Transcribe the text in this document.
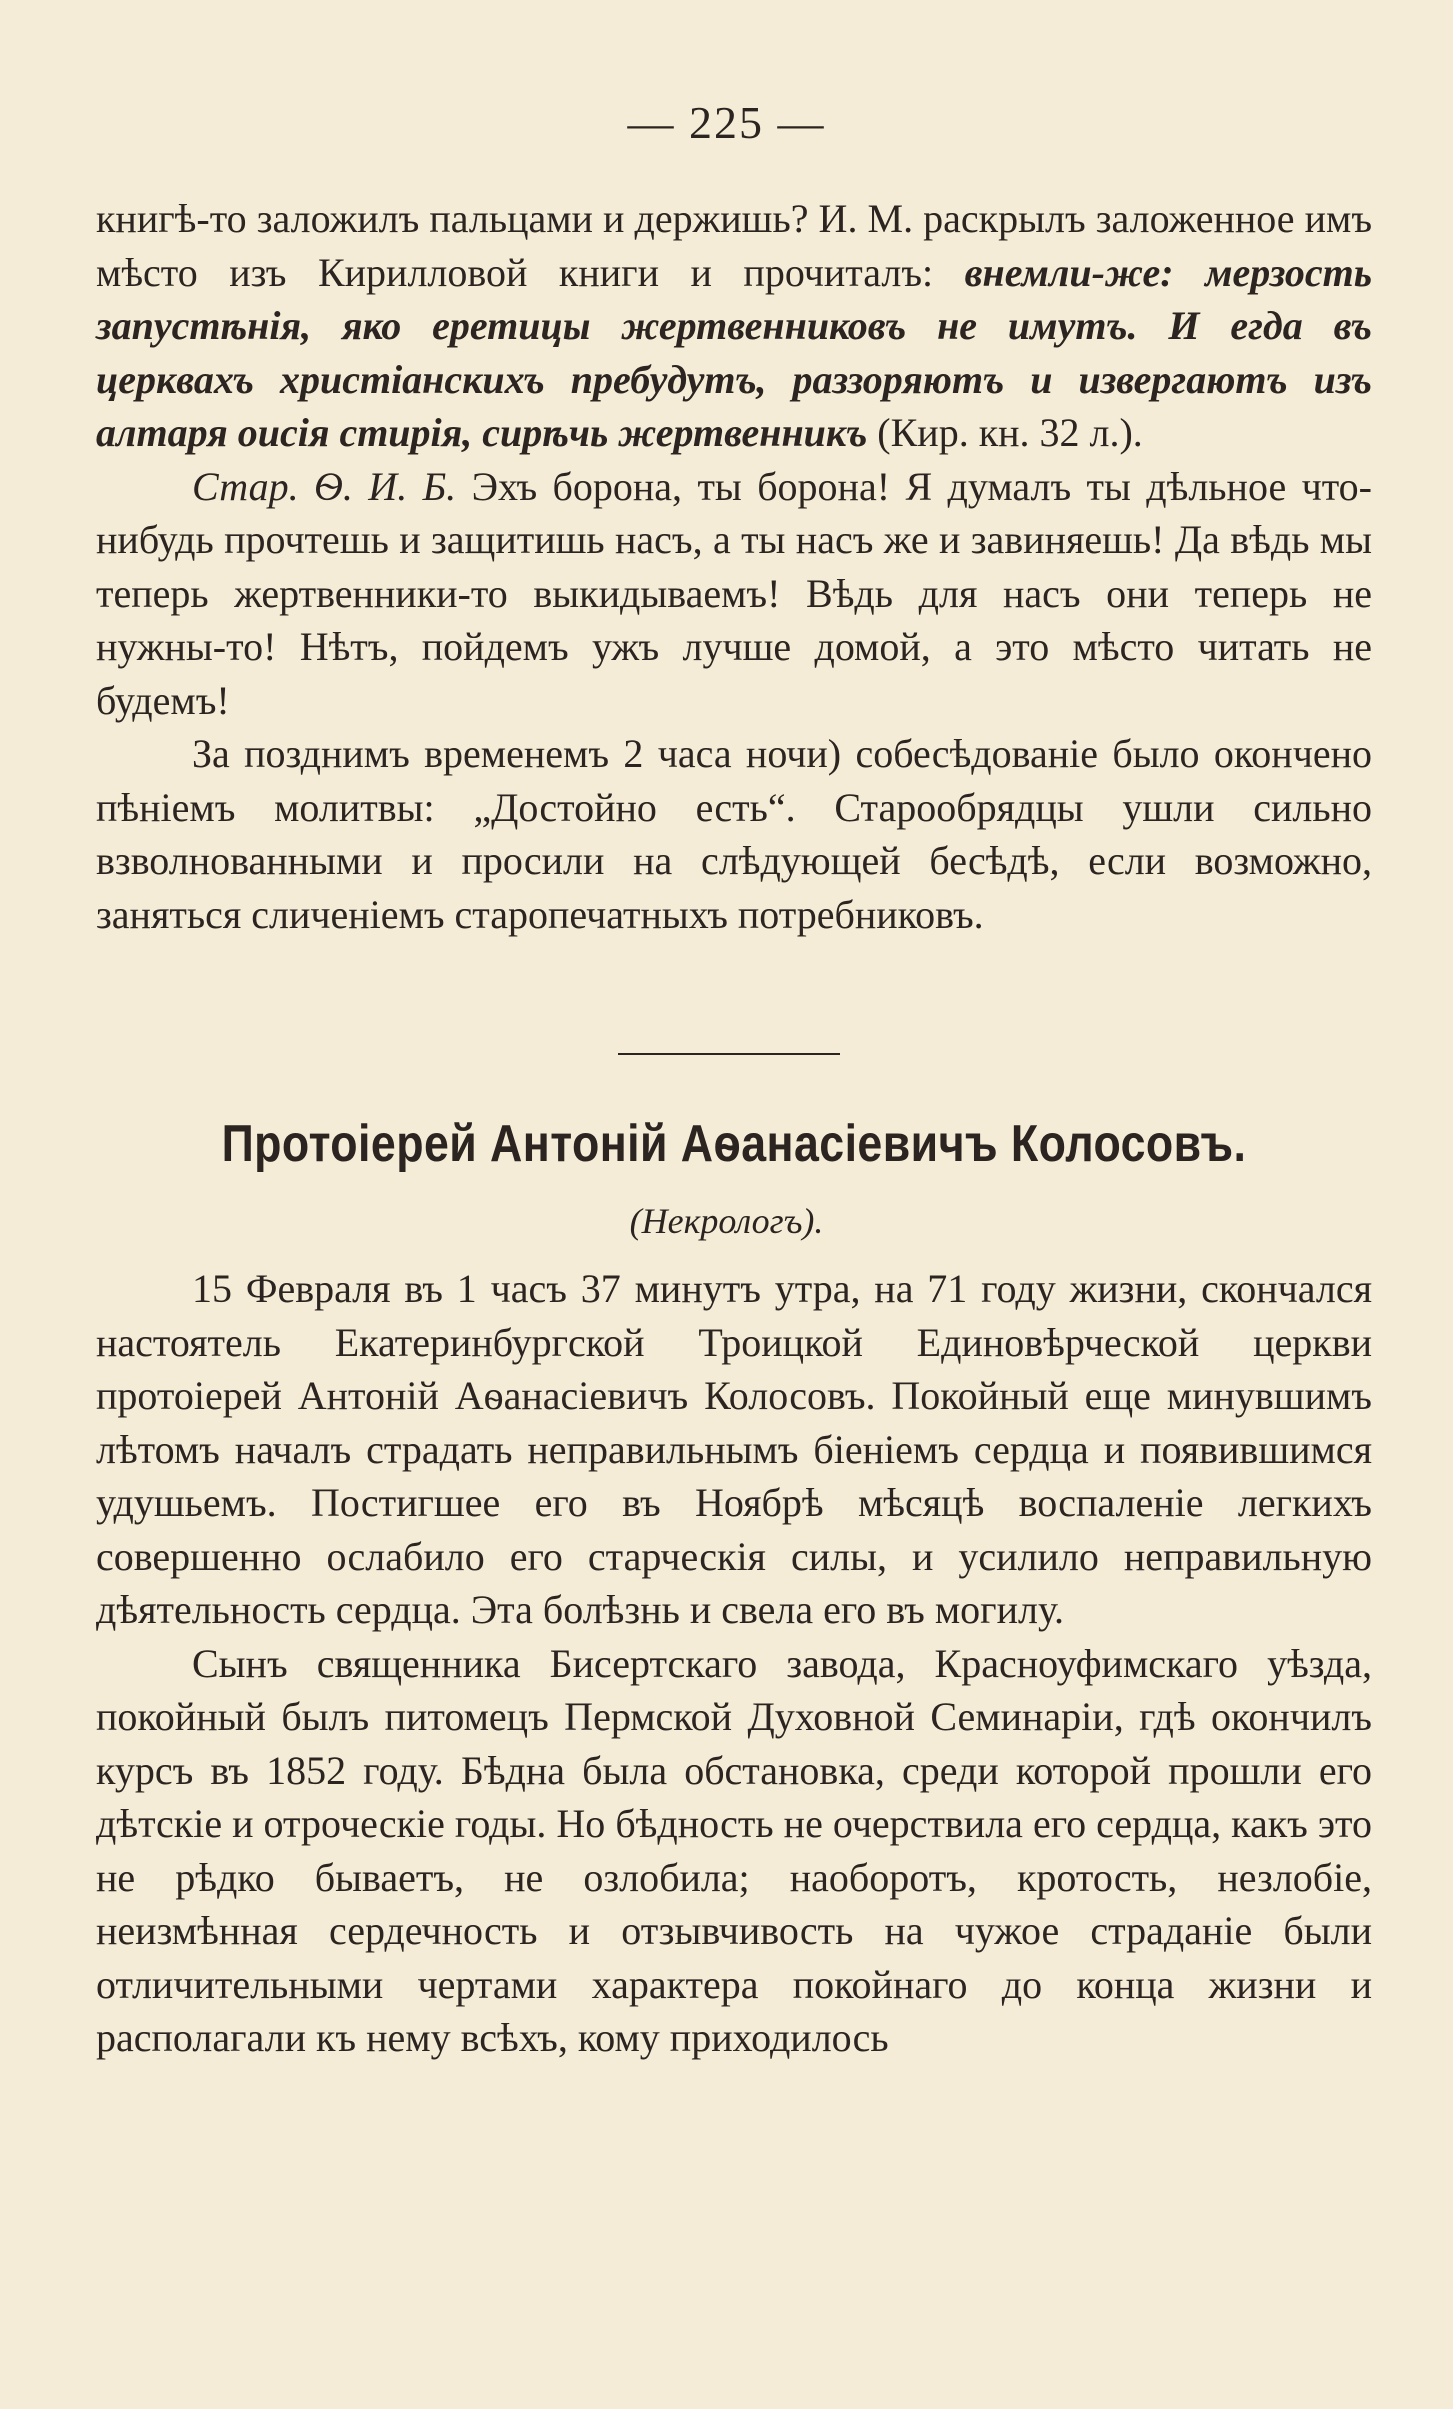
— 225 —

книгѣ-то заложилъ пальцами и держишь? И. М. раскрылъ заложенное имъ мѣсто изъ Кирилловой книги и прочиталъ: внемли-же: мерзость запустѣнія, яко еретицы жертвенниковъ не имутъ. И егда въ церквахъ христіанскихъ пребудутъ, раззоряютъ и извергаютъ изъ алтаря оисія стирія, сирѣчь жертвенникъ (Кир. кн. 32 л.).

Стар. Ѳ. И. Б. Эхъ борона, ты борона! Я думалъ ты дѣльное что-нибудь прочтешь и защитишь насъ, а ты насъ же и завиняешь! Да вѣдь мы теперь жертвенники-то выкидываемъ! Вѣдь для насъ они теперь не нужны-то! Нѣтъ, пойдемъ ужъ лучше домой, а это мѣсто читать не будемъ!

За позднимъ временемъ 2 часа ночи) собесѣдованіе было окончено пѣніемъ молитвы: „Достойно есть“. Старообрядцы ушли сильно взволнованными и просили на слѣдующей бесѣдѣ, если возможно, заняться сличеніемъ старопечатныхъ потребниковъ.

Протоіерей Антоній Аѳанасіевичъ Колосовъ.
(Некрологъ).

15 Февраля въ 1 часъ 37 минутъ утра, на 71 году жизни, скончался настоятель Екатеринбургской Троицкой Единовѣрческой церкви протоіерей Антоній Аѳанасіевичъ Колосовъ. Покойный еще минувшимъ лѣтомъ началъ страдать неправильнымъ біеніемъ сердца и появившимся удушьемъ. Постигшее его въ Ноябрѣ мѣсяцѣ воспаленіе легкихъ совершенно ослабило его старческія силы, и усилило неправильную дѣятельность сердца. Эта болѣзнь и свела его въ могилу.

Сынъ священника Бисертскаго завода, Красноуфимскаго уѣзда, покойный былъ питомецъ Пермской Духовной Семинаріи, гдѣ окончилъ курсъ въ 1852 году. Бѣдна была обстановка, среди которой прошли его дѣтскіе и отроческіе годы. Но бѣдность не очерствила его сердца, какъ это не рѣдко бываетъ, не озлобила; наоборотъ, кротость, незлобіе, неизмѣнная сердечность и отзывчивость на чужое страданіе были отличительными чертами характера покойнаго до конца жизни и располагали къ нему всѣхъ, кому приходилось
